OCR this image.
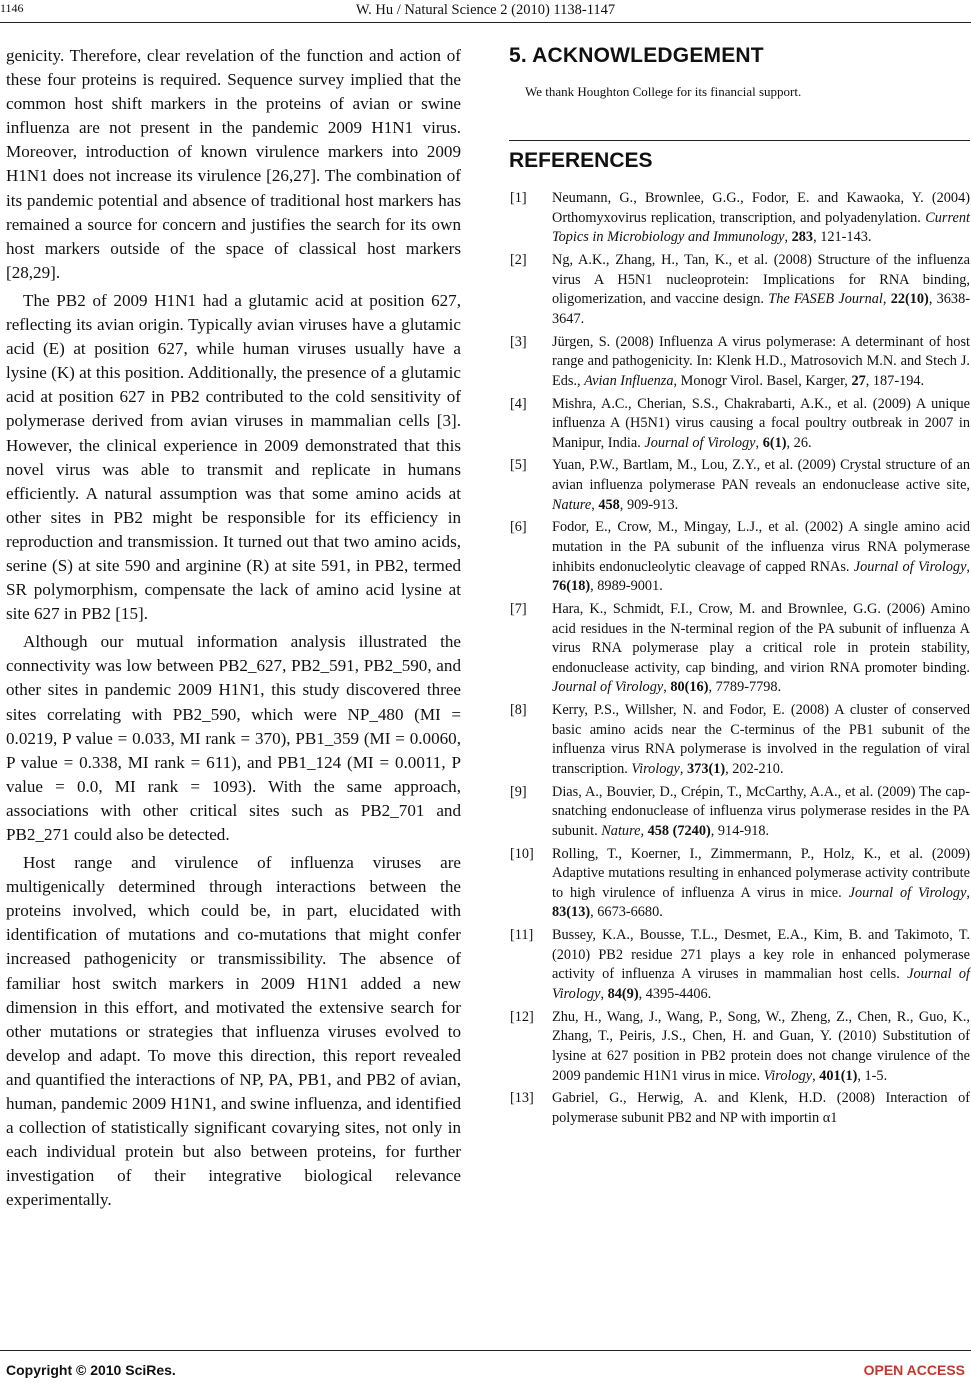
1146	W. Hu / Natural Science 2 (2010) 1138-1147

genicity. Therefore, clear revelation of the function and action of these four proteins is required. Sequence survey implied that the common host shift markers in the proteins of avian or swine influenza are not present in the pandemic 2009 H1N1 virus. Moreover, introduction of known virulence markers into 2009 H1N1 does not increase its virulence [26,27]. The combination of its pandemic potential and absence of traditional host markers has remained a source for concern and justifies the search for its own host markers outside of the space of classical host markers [28,29].

The PB2 of 2009 H1N1 had a glutamic acid at position 627, reflecting its avian origin. Typically avian viruses have a glutamic acid (E) at position 627, while human viruses usually have a lysine (K) at this position. Additionally, the presence of a glutamic acid at position 627 in PB2 contributed to the cold sensitivity of polymerase derived from avian viruses in mammalian cells [3]. However, the clinical experience in 2009 demonstrated that this novel virus was able to transmit and replicate in humans efficiently. A natural assumption was that some amino acids at other sites in PB2 might be responsible for its efficiency in reproduction and transmission. It turned out that two amino acids, serine (S) at site 590 and arginine (R) at site 591, in PB2, termed SR polymorphism, compensate the lack of amino acid lysine at site 627 in PB2 [15].

Although our mutual information analysis illustrated the connectivity was low between PB2_627, PB2_591, PB2_590, and other sites in pandemic 2009 H1N1, this study discovered three sites correlating with PB2_590, which were NP_480 (MI = 0.0219, P value = 0.033, MI rank = 370), PB1_359 (MI = 0.0060, P value = 0.338, MI rank = 611), and PB1_124 (MI = 0.0011, P value = 0.0, MI rank = 1093). With the same approach, associations with other critical sites such as PB2_701 and PB2_271 could also be detected.

Host range and virulence of influenza viruses are multigenically determined through interactions between the proteins involved, which could be, in part, elucidated with identification of mutations and co-mutations that might confer increased pathogenicity or transmissibility. The absence of familiar host switch markers in 2009 H1N1 added a new dimension in this effort, and motivated the extensive search for other mutations or strategies that influenza viruses evolved to develop and adapt. To move this direction, this report revealed and quantified the interactions of NP, PA, PB1, and PB2 of avian, human, pandemic 2009 H1N1, and swine influenza, and identified a collection of statistically significant covarying sites, not only in each individual protein but also between proteins, for further investigation of their integrative biological relevance experimentally.

5. ACKNOWLEDGEMENT
We thank Houghton College for its financial support.
REFERENCES
[1]	Neumann, G., Brownlee, G.G., Fodor, E. and Kawaoka, Y. (2004) Orthomyxovirus replication, transcription, and polyadenylation. Current Topics in Microbiology and Immunology, 283, 121-143.
[2]	Ng, A.K., Zhang, H., Tan, K., et al. (2008) Structure of the influenza virus A H5N1 nucleoprotein: Implications for RNA binding, oligomerization, and vaccine design. The FASEB Journal, 22(10), 3638-3647.
[3]	Jürgen, S. (2008) Influenza A virus polymerase: A determinant of host range and pathogenicity. In: Klenk H.D., Matrosovich M.N. and Stech J. Eds., Avian Influenza, Monogr Virol. Basel, Karger, 27, 187-194.
[4]	Mishra, A.C., Cherian, S.S., Chakrabarti, A.K., et al. (2009) A unique influenza A (H5N1) virus causing a focal poultry outbreak in 2007 in Manipur, India. Journal of Virology, 6(1), 26.
[5]	Yuan, P.W., Bartlam, M., Lou, Z.Y., et al. (2009) Crystal structure of an avian influenza polymerase PAN reveals an endonuclease active site, Nature, 458, 909-913.
[6]	Fodor, E., Crow, M., Mingay, L.J., et al. (2002) A single amino acid mutation in the PA subunit of the influenza virus RNA polymerase inhibits endonucleolytic cleavage of capped RNAs. Journal of Virology, 76(18), 8989-9001.
[7]	Hara, K., Schmidt, F.I., Crow, M. and Brownlee, G.G. (2006) Amino acid residues in the N-terminal region of the PA subunit of influenza A virus RNA polymerase play a critical role in protein stability, endonuclease activity, cap binding, and virion RNA promoter binding. Journal of Virology, 80(16), 7789-7798.
[8]	Kerry, P.S., Willsher, N. and Fodor, E. (2008) A cluster of conserved basic amino acids near the C-terminus of the PB1 subunit of the influenza virus RNA polymerase is involved in the regulation of viral transcription. Virology, 373(1), 202-210.
[9]	Dias, A., Bouvier, D., Crépin, T., McCarthy, A.A., et al. (2009) The cap-snatching endonuclease of influenza virus polymerase resides in the PA subunit. Nature, 458 (7240), 914-918.
[10]	Rolling, T., Koerner, I., Zimmermann, P., Holz, K., et al. (2009) Adaptive mutations resulting in enhanced polymerase activity contribute to high virulence of influenza A virus in mice. Journal of Virology, 83(13), 6673-6680.
[11]	Bussey, K.A., Bousse, T.L., Desmet, E.A., Kim, B. and Takimoto, T. (2010) PB2 residue 271 plays a key role in enhanced polymerase activity of influenza A viruses in mammalian host cells. Journal of Virology, 84(9), 4395-4406.
[12]	Zhu, H., Wang, J., Wang, P., Song, W., Zheng, Z., Chen, R., Guo, K., Zhang, T., Peiris, J.S., Chen, H. and Guan, Y. (2010) Substitution of lysine at 627 position in PB2 protein does not change virulence of the 2009 pandemic H1N1 virus in mice. Virology, 401(1), 1-5.
[13]	Gabriel, G., Herwig, A. and Klenk, H.D. (2008) Interaction of polymerase subunit PB2 and NP with importin α1
Copyright © 2010 SciRes.	OPEN ACCESS
